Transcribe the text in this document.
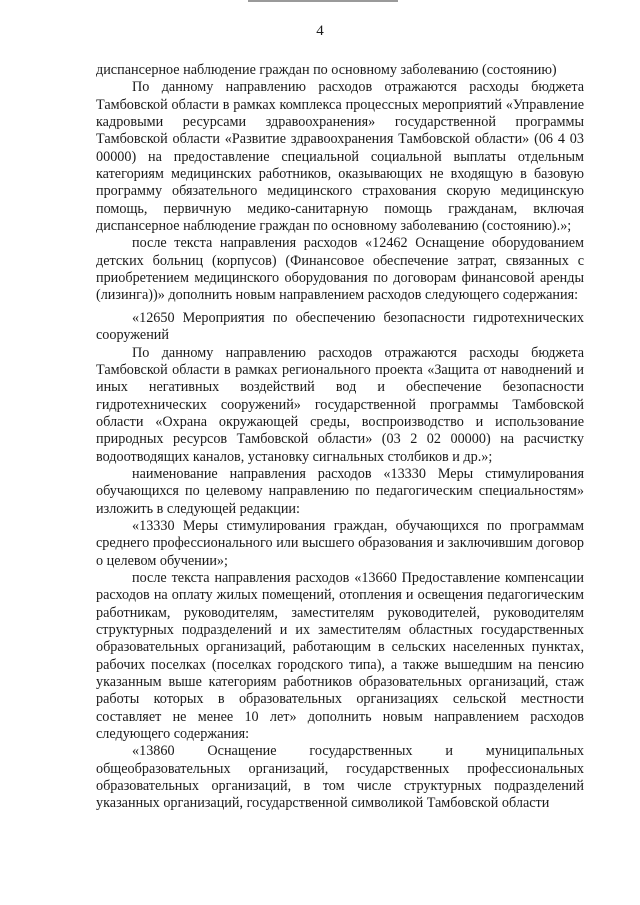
4

диспансерное наблюдение граждан по основному заболеванию (состоянию)

По данному направлению расходов отражаются расходы бюджета Тамбовской области в рамках комплекса процессных мероприятий «Управление кадровыми ресурсами здравоохранения» государственной программы Тамбовской области «Развитие здравоохранения Тамбовской области» (06 4 03 00000) на предоставление специальной социальной выплаты отдельным категориям медицинских работников, оказывающих не входящую в базовую программу обязательного медицинского страхования скорую медицинскую помощь, первичную медико-санитарную помощь гражданам, включая диспансерное наблюдение граждан по основному заболеванию (состоянию).»;

после текста направления расходов «12462 Оснащение оборудованием детских больниц (корпусов) (Финансовое обеспечение затрат, связанных с приобретением медицинского оборудования по договорам финансовой аренды (лизинга))» дополнить новым направлением расходов следующего содержания:

«12650 Мероприятия по обеспечению безопасности гидротехнических сооружений

По данному направлению расходов отражаются расходы бюджета Тамбовской области в рамках регионального проекта «Защита от наводнений и иных негативных воздействий вод и обеспечение безопасности гидротехнических сооружений» государственной программы Тамбовской области «Охрана окружающей среды, воспроизводство и использование природных ресурсов Тамбовской области» (03 2 02 00000) на расчистку водоотводящих каналов, установку сигнальных столбиков и др.»;

наименование направления расходов «13330 Меры стимулирования обучающихся по целевому направлению по педагогическим специальностям» изложить в следующей редакции:

«13330 Меры стимулирования граждан, обучающихся по программам среднего профессионального или высшего образования и заключившим договор о целевом обучении»;

после текста направления расходов «13660 Предоставление компенсации расходов на оплату жилых помещений, отопления и освещения педагогическим работникам, руководителям, заместителям руководителей, руководителям структурных подразделений и их заместителям областных государственных образовательных организаций, работающим в сельских населенных пунктах, рабочих поселках (поселках городского типа), а также вышедшим на пенсию указанным выше категориям работников образовательных организаций, стаж работы которых в образовательных организациях сельской местности составляет не менее 10 лет» дополнить новым направлением расходов следующего содержания:

«13860 Оснащение государственных и муниципальных общеобразовательных организаций, государственных профессиональных образовательных организаций, в том числе структурных подразделений указанных организаций, государственной символикой Тамбовской области
